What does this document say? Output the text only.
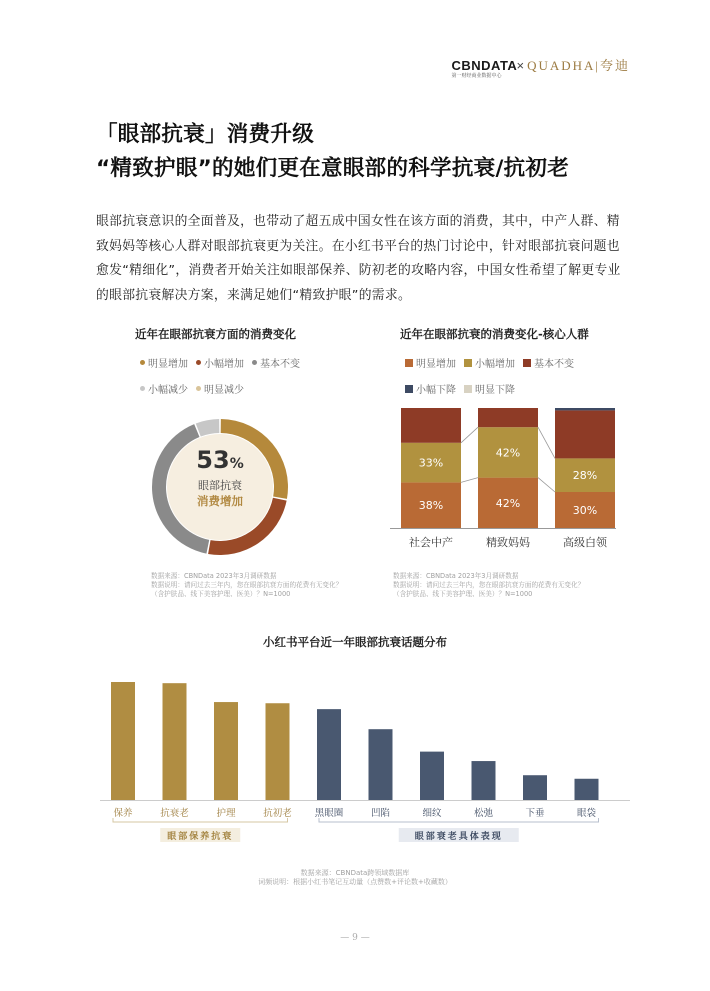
CBNDATA
第一财经商业数据中心
× QUADHA|夸迪
「眼部抗衰」消费升级
“精致护眼”的她们更在意眼部的科学抗衰/抗初老
眼部抗衰意识的全面普及，也带动了超五成中国女性在该方面的消费，其中，中产人群、精致妈妈等核心人群对眼部抗衰更为关注。在小红书平台的热门讨论中，针对眼部抗衰问题也愈发“精细化”，消费者开始关注如眼部保养、防初老的攻略内容，中国女性希望了解更专业的眼部抗衰解决方案，来满足她们“精致护眼”的需求。
近年在眼部抗衰方面的消费变化
明显增加 小幅增加 基本不变
小幅减少 明显减少
53%
眼部抗衰
消费增加
数据来源：CBNData 2023年3月调研数据
数据说明：请问过去三年内，您在眼部抗衰方面的花费有无变化？
（含护肤品、线下美容护理、医美）？N=1000
近年在眼部抗衰的消费变化-核心人群
明显增加 小幅增加 基本不变
小幅下降 明显下降
38%
33%
社会中产
42%
42%
精致妈妈
30%
28%
高级白领
数据来源：CBNData 2023年3月调研数据
数据说明：请问过去三年内，您在眼部抗衰方面的花费有无变化？
（含护肤品、线下美容护理、医美）？N=1000
小红书平台近一年眼部抗衰话题分布
保养	抗衰老	护理	抗初老 黑眼圈	凹陷	细纹	松弛	下垂	眼袋
眼部保养抗衰	眼部衰老具体表现
数据来源：CBNData跨领域数据库
词频说明：根据小红书笔记互动量（点赞数+评论数+收藏数）
— 9 —
